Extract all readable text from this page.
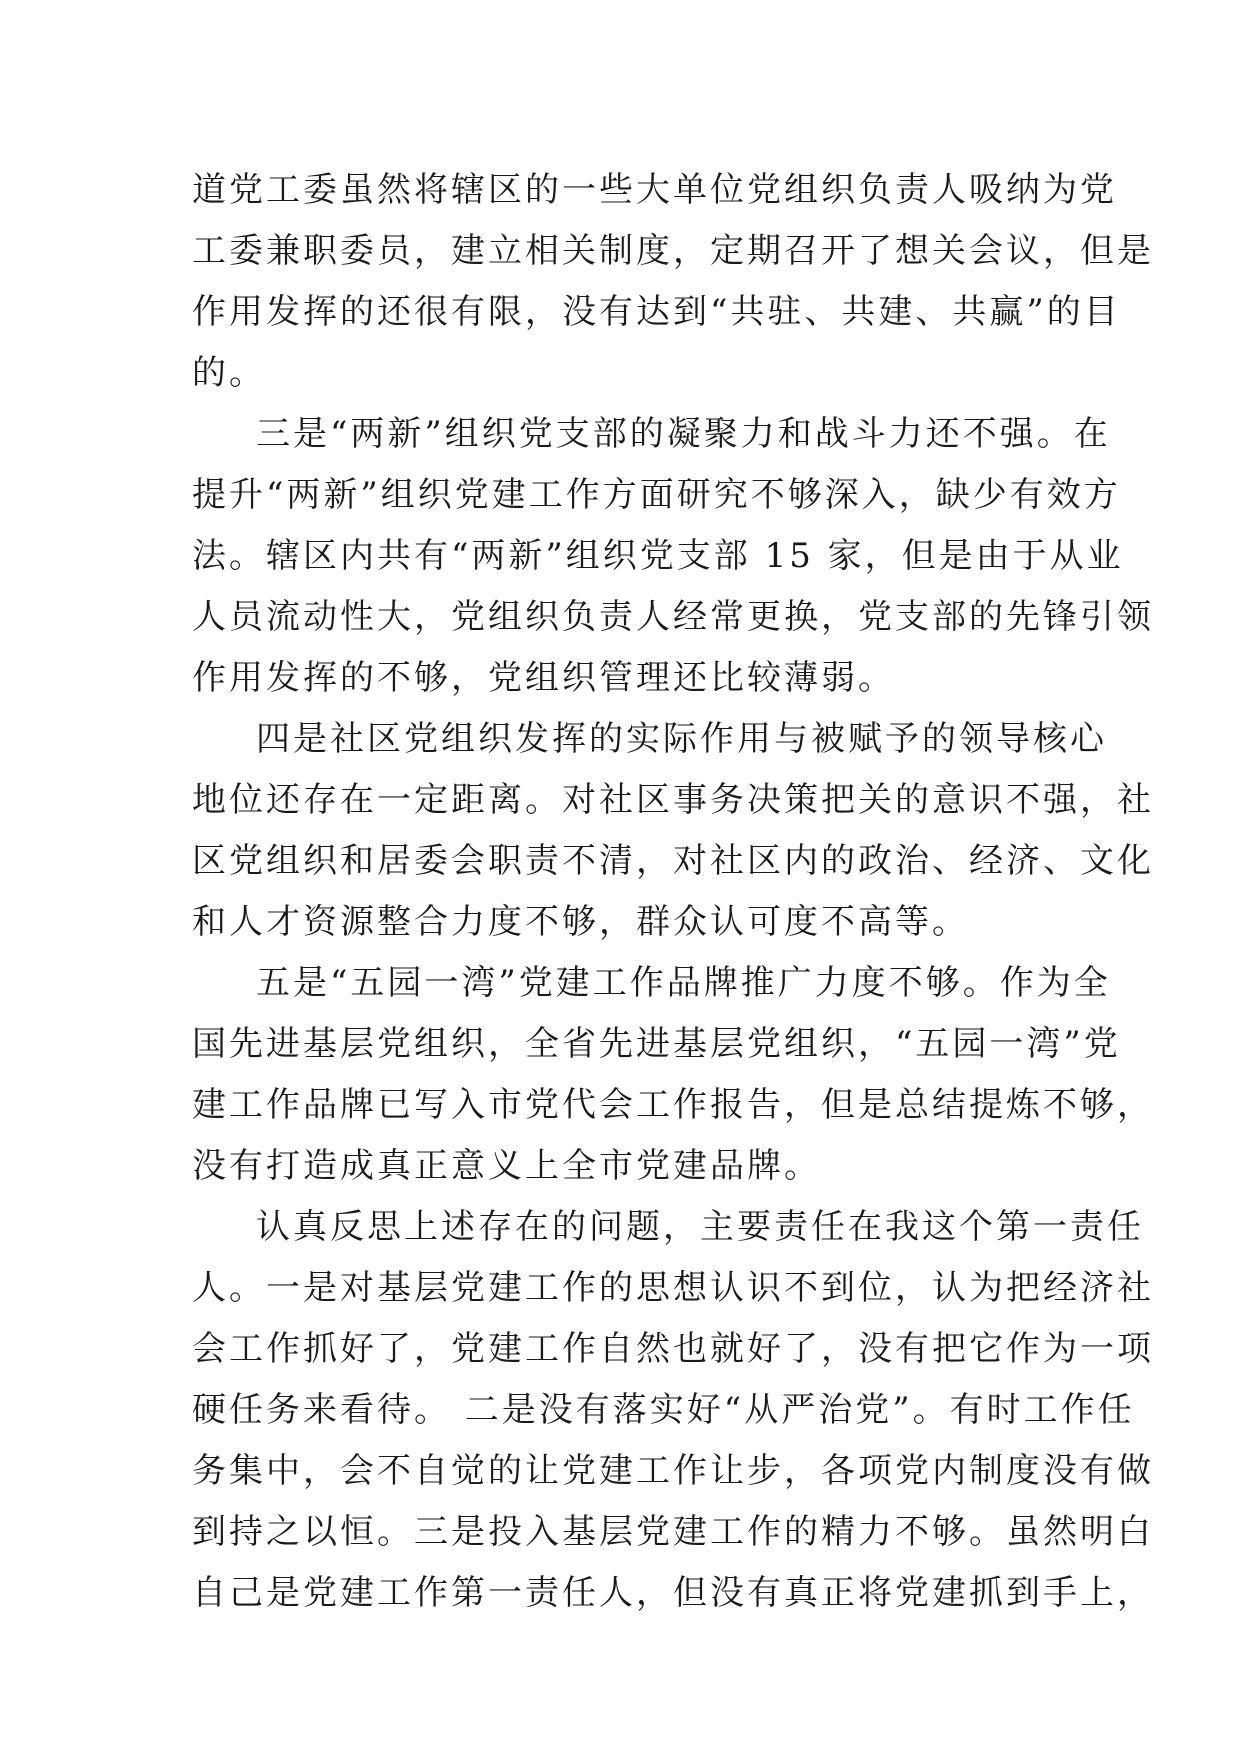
道党工委虽然将辖区的一些大单位党组织负责人吸纳为党
工委兼职委员，建立相关制度，定期召开了想关会议，但是
作用发挥的还很有限，没有达到“共驻、共建、共赢”的目
的。
三是“两新”组织党支部的凝聚力和战斗力还不强。在
提升“两新”组织党建工作方面研究不够深入，缺少有效方
法。辖区内共有“两新”组织党支部 15 家，但是由于从业
人员流动性大，党组织负责人经常更换，党支部的先锋引领
作用发挥的不够，党组织管理还比较薄弱。
四是社区党组织发挥的实际作用与被赋予的领导核心
地位还存在一定距离。对社区事务决策把关的意识不强，社
区党组织和居委会职责不清，对社区内的政治、经济、文化
和人才资源整合力度不够，群众认可度不高等。
五是“五园一湾”党建工作品牌推广力度不够。作为全
国先进基层党组织，全省先进基层党组织，“五园一湾”党
建工作品牌已写入市党代会工作报告，但是总结提炼不够，
没有打造成真正意义上全市党建品牌。
认真反思上述存在的问题，主要责任在我这个第一责任
人。一是对基层党建工作的思想认识不到位，认为把经济社
会工作抓好了，党建工作自然也就好了，没有把它作为一项
硬任务来看待。 二是没有落实好“从严治党”。有时工作任
务集中，会不自觉的让党建工作让步，各项党内制度没有做
到持之以恒。三是投入基层党建工作的精力不够。虽然明白
自己是党建工作第一责任人，但没有真正将党建抓到手上，
